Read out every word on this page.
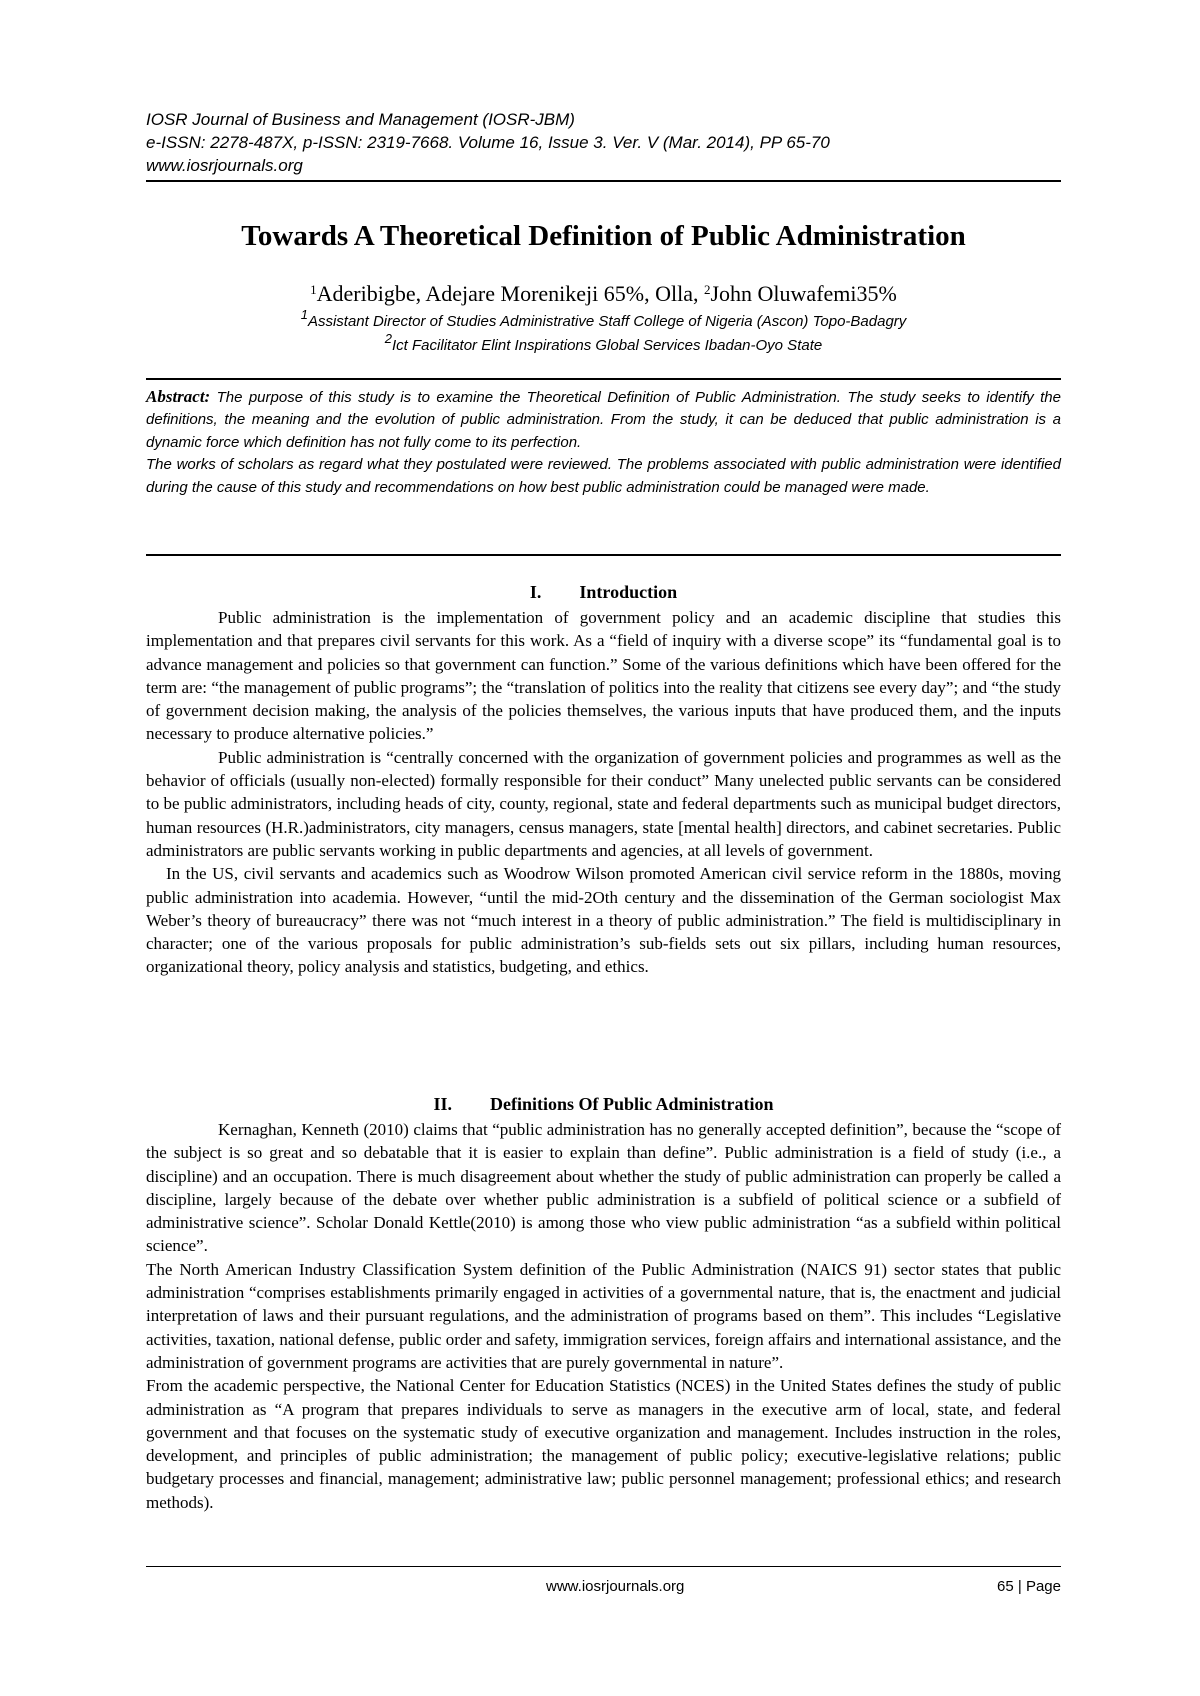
IOSR Journal of Business and Management (IOSR-JBM)
e-ISSN: 2278-487X, p-ISSN: 2319-7668. Volume 16, Issue 3. Ver. V (Mar. 2014), PP 65-70
www.iosrjournals.org
Towards A Theoretical Definition of Public Administration
$^1$Aderibigbe, Adejare Morenikeji 65%, Olla, $^2$John Oluwafemi35%
$^1$Assistant Director of Studies Administrative Staff College of Nigeria (Ascon) Topo-Badagry
$^2$Ict Facilitator Elint Inspirations Global Services Ibadan-Oyo State

Abstract: The purpose of this study is to examine the Theoretical Definition of Public Administration. The study seeks to identify the definitions, the meaning and the evolution of public administration. From the study, it can be deduced that public administration is a dynamic force which definition has not fully come to its perfection.

The works of scholars as regard what they postulated were reviewed. The problems associated with public administration were identified during the cause of this study and recommendations on how best public administration could be managed were made.

I. Introduction

Public administration is the implementation of government policy and an academic discipline that studies this implementation and that prepares civil servants for this work. As a “field of inquiry with a diverse scope” its “fundamental goal is to advance management and policies so that government can function.” Some of the various definitions which have been offered for the term are: “the management of public programs”; the “translation of politics into the reality that citizens see every day”; and “the study of government decision making, the analysis of the policies themselves, the various inputs that have produced them, and the inputs necessary to produce alternative policies.”

Public administration is “centrally concerned with the organization of government policies and programmes as well as the behavior of officials (usually non-elected) formally responsible for their conduct” Many unelected public servants can be considered to be public administrators, including heads of city, county, regional, state and federal departments such as municipal budget directors, human resources (H.R.)administrators, city managers, census managers, state [mental health] directors, and cabinet secretaries. Public administrators are public servants working in public departments and agencies, at all levels of government.

In the US, civil servants and academics such as Woodrow Wilson promoted American civil service reform in the 1880s, moving public administration into academia. However, “until the mid-2Oth century and the dissemination of the German sociologist Max Weber’s theory of bureaucracy” there was not “much interest in a theory of public administration.” The field is multidisciplinary in character; one of the various proposals for public administration’s sub-fields sets out six pillars, including human resources, organizational theory, policy analysis and statistics, budgeting, and ethics.

II. Definitions Of Public Administration

Kernaghan, Kenneth (2010) claims that “public administration has no generally accepted definition”, because the “scope of the subject is so great and so debatable that it is easier to explain than define”. Public administration is a field of study (i.e., a discipline) and an occupation. There is much disagreement about whether the study of public administration can properly be called a discipline, largely because of the debate over whether public administration is a subfield of political science or a subfield of administrative science”. Scholar Donald Kettle(2010) is among those who view public administration “as a subfield within political science”.

The North American Industry Classification System definition of the Public Administration (NAICS 91) sector states that public administration “comprises establishments primarily engaged in activities of a governmental nature, that is, the enactment and judicial interpretation of laws and their pursuant regulations, and the administration of programs based on them”. This includes “Legislative activities, taxation, national defense, public order and safety, immigration services, foreign affairs and international assistance, and the administration of government programs are activities that are purely governmental in nature”.

From the academic perspective, the National Center for Education Statistics (NCES) in the United States defines the study of public administration as “A program that prepares individuals to serve as managers in the executive arm of local, state, and federal government and that focuses on the systematic study of executive organization and management. Includes instruction in the roles, development, and principles of public administration; the management of public policy; executive-legislative relations; public budgetary processes and financial, management; administrative law; public personnel management; professional ethics; and research methods).

www.iosrjournals.org	65 | Page
